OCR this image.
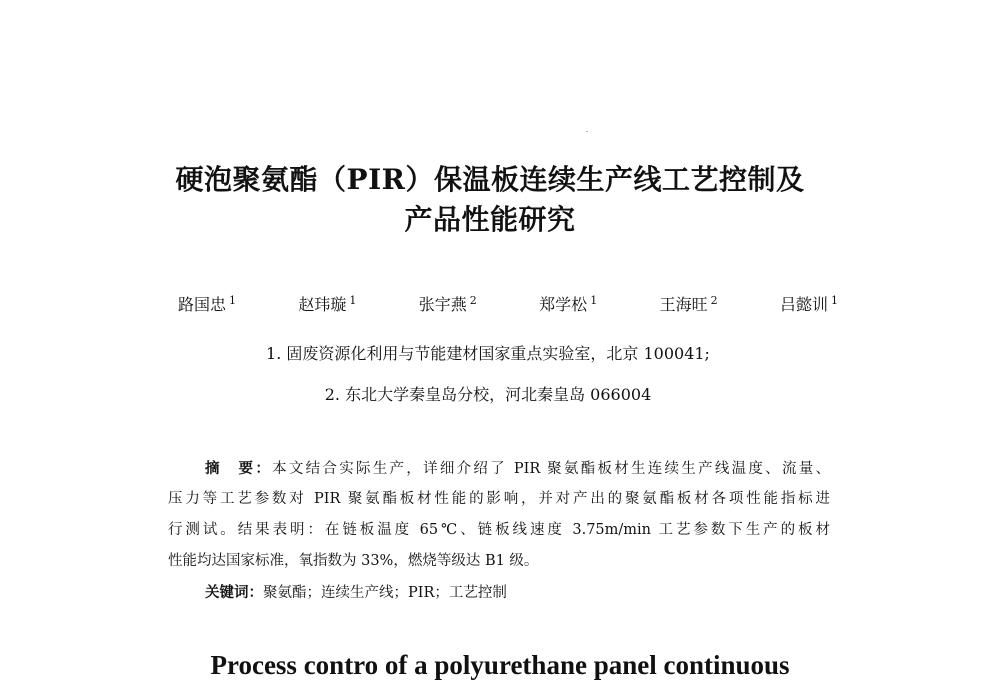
硬泡聚氨酯（PIR）保温板连续生产线工艺控制及
产品性能研究
路国忠 $^1$	赵玮璇 $^1$	张宇燕 $^2$	郑学松 $^1$	王海旺 $^2$	吕懿训 $^1$
1. 固废资源化利用与节能建材国家重点实验室，北京 100041;
2. 东北大学秦皇岛分校，河北秦皇岛 066004
摘　要：本文结合实际生产，详细介绍了 PIR 聚氨酯板材生连续生产线温度、流量、
压力等工艺参数对 PIR 聚氨酯板材性能的影响，并对产出的聚氨酯板材各项性能指标进
行测试。结果表明：在链板温度 65℃、链板线速度 3.75m/min 工艺参数下生产的板材
性能均达国家标准，氧指数为 33%，燃烧等级达 B1 级。
关键词：聚氨酯；连续生产线；PIR；工艺控制
Process contro of a polyurethane panel continuous
